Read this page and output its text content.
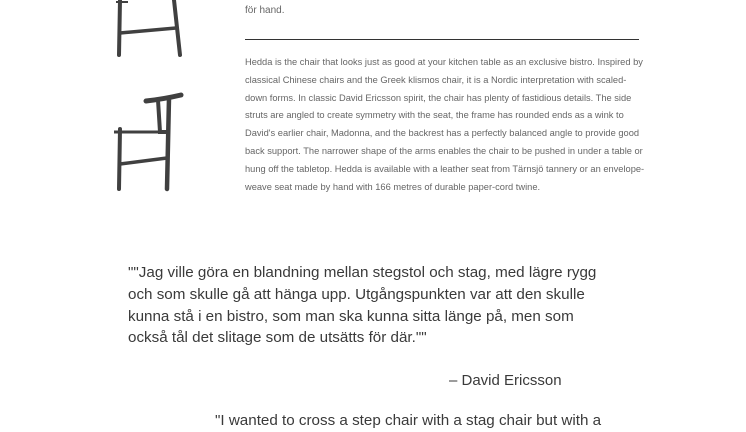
för hand.

Hedda is the chair that looks just as good at your kitchen table as an exclusive bistro. Inspired by classical Chinese chairs and the Greek klismos chair, it is a Nordic interpretation with scaled-down forms. In classic David Ericsson spirit, the chair has plenty of fastidious details. The side struts are angled to create symmetry with the seat, the frame has rounded ends as a wink to David's earlier chair, Madonna, and the backrest has a perfectly balanced angle to provide good back support. The narrower shape of the arms enables the chair to be pushed in under a table or hung off the tabletop. Hedda is available with a leather seat from Tärnsjö tannery or an envelope-weave seat made by hand with 166 metres of durable paper-cord twine.

""Jag ville göra en blandning mellan stegstol och stag, med lägre rygg och som skulle gå att hänga upp. Utgångspunkten var att den skulle kunna stå i en bistro, som man ska kunna sitta länge på, men som också tål det slitage som de utsätts för där.""

– David Ericsson

"I wanted to cross a step chair with a stag chair but with a
